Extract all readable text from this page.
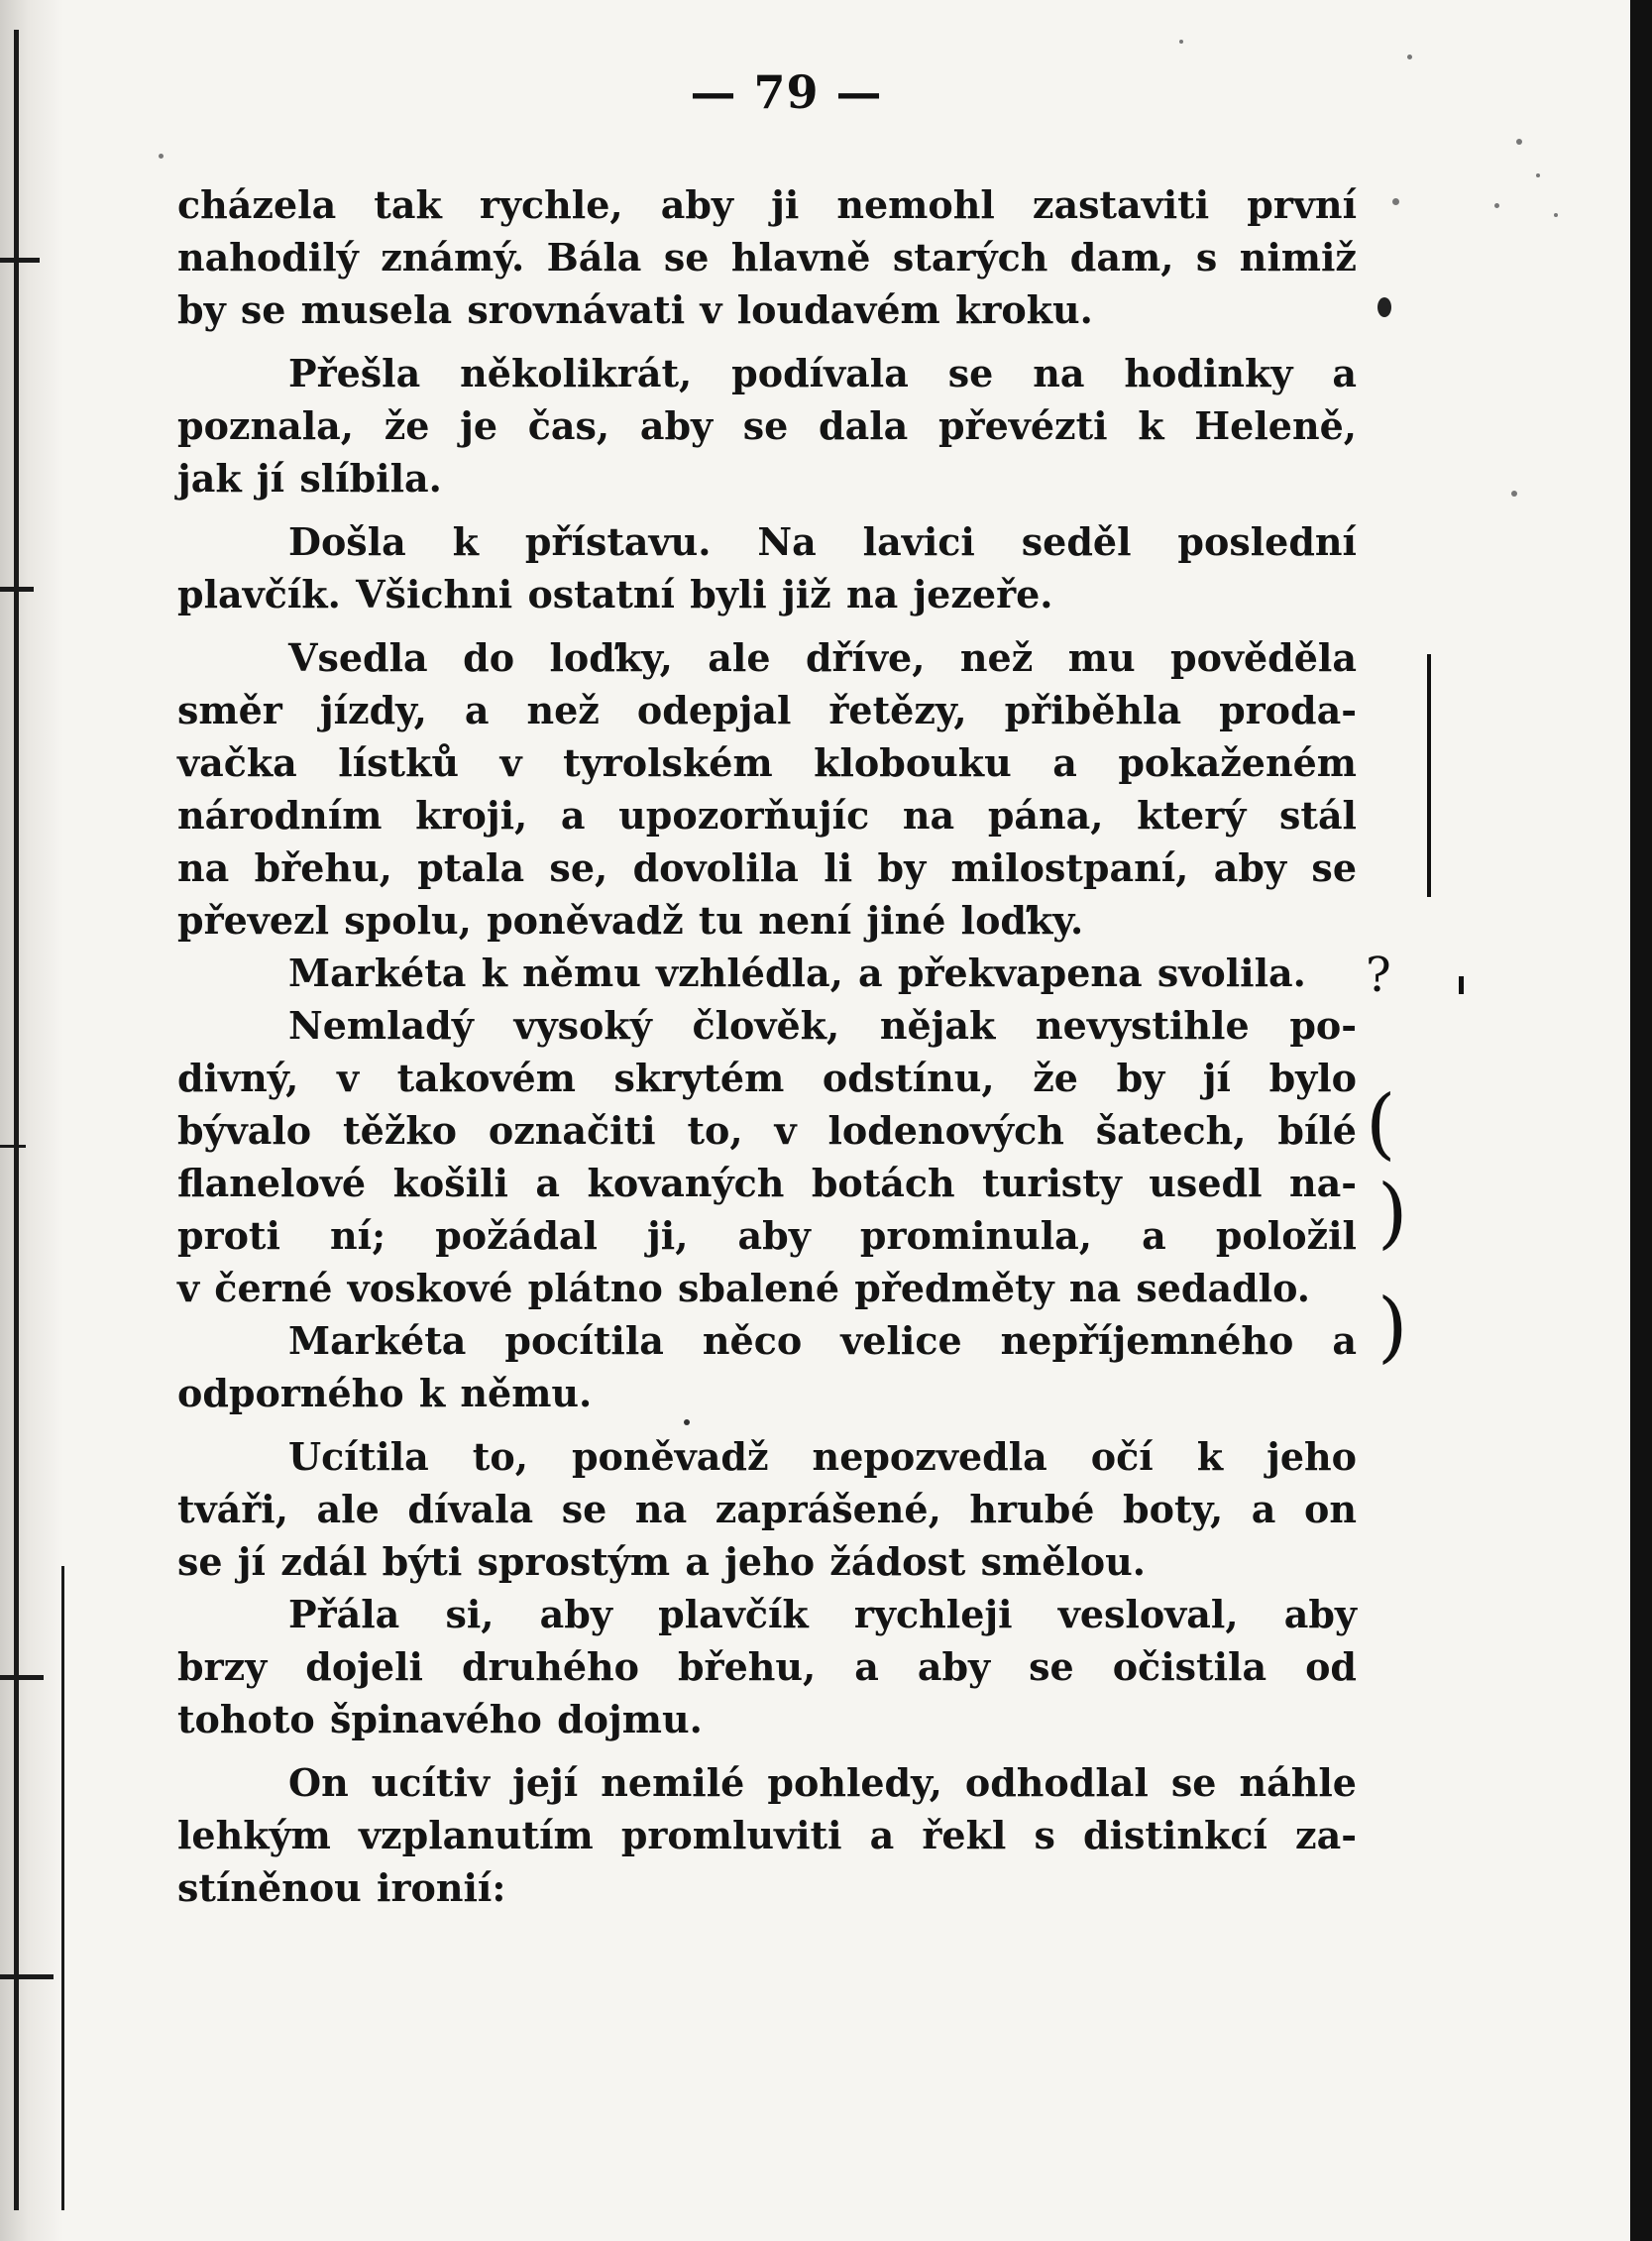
(
)
)
?
— 79 —

cházela tak rychle, aby ji nemohl zastaviti první
nahodilý známý. Bála se hlavně starých dam, s nimiž
by se musela srovnávati v loudavém kroku.

Přešla několikrát, podívala se na hodinky a
poznala, že je čas, aby se dala převézti k Heleně,
jak jí slíbila.

Došla k přístavu. Na lavici seděl poslední
plavčík. Všichni ostatní byli již na jezeře.

Vsedla do loďky, ale dříve, než mu pověděla
směr jízdy, a než odepjal řetězy, přiběhla proda-
vačka lístků v tyrolském klobouku a pokaženém
národním kroji, a upozorňujíc na pána, který stál
na břehu, ptala se, dovolila li by milostpaní, aby se
převezl spolu, poněvadž tu není jiné loďky.

Markéta k němu vzhlédla, a překvapena svolila.

Nemladý vysoký člověk, nějak nevystihle po-
divný, v takovém skrytém odstínu, že by jí bylo
bývalo těžko označiti to, v lodenových šatech, bílé
flanelové košili a kovaných botách turisty usedl na-
proti ní; požádal ji, aby prominula, a položil
v černé voskové plátno sbalené předměty na sedadlo.

Markéta pocítila něco velice nepříjemného a
odporného k němu.

Ucítila to, poněvadž nepozvedla očí k jeho
tváři, ale dívala se na zaprášené, hrubé boty, a on
se jí zdál býti sprostým a jeho žádost smělou.

Přála si, aby plavčík rychleji vesloval, aby
brzy dojeli druhého břehu, a aby se očistila od
tohoto špinavého dojmu.

On ucítiv její nemilé pohledy, odhodlal se náhle
lehkým vzplanutím promluviti a řekl s distinkcí za-
stíněnou ironií:
